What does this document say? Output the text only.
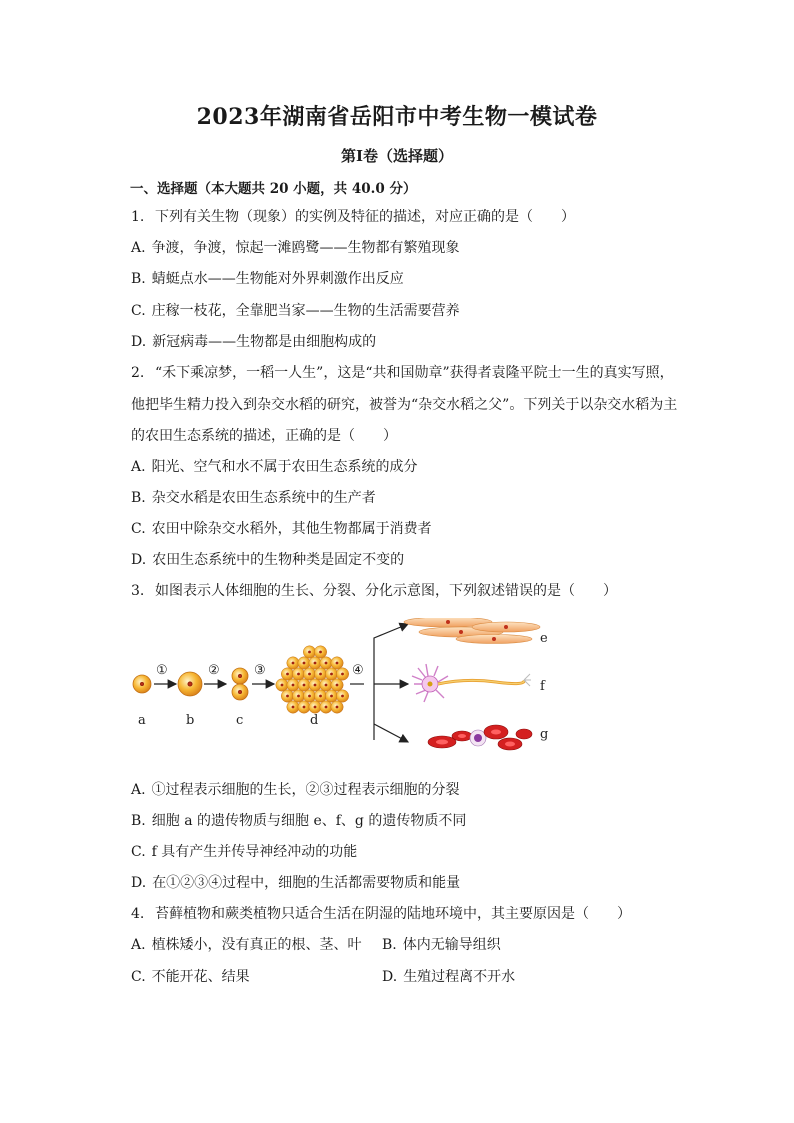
2023年湖南省岳阳市中考生物一模试卷
第Ⅰ卷（选择题）
一、选择题（本大题共 20 小题，共 40.0 分）
1. 下列有关生物（现象）的实例及特征的描述，对应正确的是（　　）
A. 争渡，争渡，惊起一滩鸥鹭——生物都有繁殖现象
B. 蜻蜓点水——生物能对外界刺激作出反应
C. 庄稼一枝花，全靠肥当家——生物的生活需要营养
D. 新冠病毒——生物都是由细胞构成的
2. “禾下乘凉梦，一稻一人生”，这是“共和国勋章”获得者袁隆平院士一生的真实写照，
他把毕生精力投入到杂交水稻的研究，被誉为“杂交水稻之父”。下列关于以杂交水稻为主
的农田生态系统的描述，正确的是（　　）
A. 阳光、空气和水不属于农田生态系统的成分
B. 杂交水稻是农田生态系统中的生产者
C. 农田中除杂交水稻外，其他生物都属于消费者
D. 农田生态系统中的生物种类是固定不变的
3. 如图表示人体细胞的生长、分裂、分化示意图，下列叙述错误的是（　　）
①	②	③	④
e
f
g
a	b	c	d
A. ①过程表示细胞的生长，②③过程表示细胞的分裂
B. 细胞 a 的遗传物质与细胞 e、f、g 的遗传物质不同
C. f 具有产生并传导神经冲动的功能
D. 在①②③④过程中，细胞的生活都需要物质和能量
4. 苔藓植物和蕨类植物只适合生活在阴湿的陆地环境中，其主要原因是（　　）
A. 植株矮小，没有真正的根、茎、叶 B. 体内无输导组织
C. 不能开花、结果	D. 生殖过程离不开水
